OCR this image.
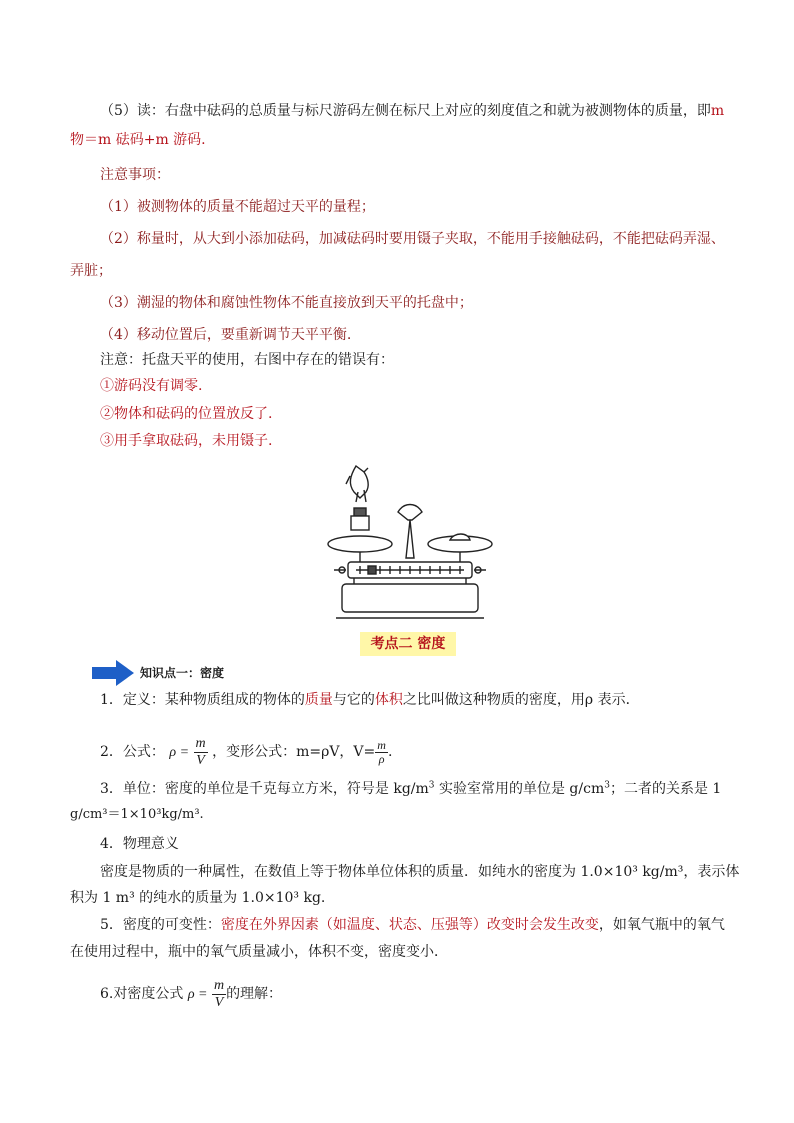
（5）读：右盘中砝码的总质量与标尺游码左侧在标尺上对应的刻度值之和就为被测物体的质量，即m
物＝m 砝码+m 游码.
注意事项：
（1）被测物体的质量不能超过天平的量程；
（2）称量时，从大到小添加砝码，加减砝码时要用镊子夹取，不能用手接触砝码，不能把砝码弄湿、
弄脏；
（3）潮湿的物体和腐蚀性物体不能直接放到天平的托盘中；
（4）移动位置后，要重新调节天平平衡.
注意：托盘天平的使用，右图中存在的错误有：
①游码没有调零.
②物体和砝码的位置放反了.
③用手拿取砝码，未用镊子.
考点二 密度
知识点一：密度
1．定义：某种物质组成的物体的质量与它的体积之比叫做这种物质的密度，用ρ 表示．
2．公式： $\rho = \frac{m}{V}$ ，变形公式：m=ρV，$V= \frac{m}{\rho}$ .
3．单位：密度的单位是千克每立方米，符号是 $kg/m^3$ 实验室常用的单位是 $g/cm^3$；二者的关系是 1
g/cm³＝1×10³kg/m³.
4．物理意义
密度是物质的一种属性，在数值上等于物体单位体积的质量．如纯水的密度为 1.0×10³ kg/m³，表示体
积为 1 m³ 的纯水的质量为 1.0×10³ kg.
5．密度的可变性：密度在外界因素（如温度、状态、压强等）改变时会发生改变，如氧气瓶中的氧气
在使用过程中，瓶中的氧气质量减小，体积不变，密度变小．
6.对密度公式 $\rho = \frac{m}{V}$ 的理解：
